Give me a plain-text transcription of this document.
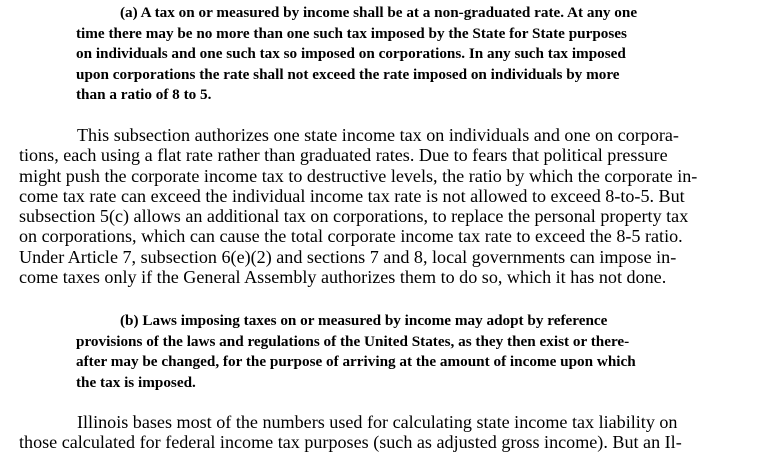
(a) A tax on or measured by income shall be at a non-graduated rate. At any one
time there may be no more than one such tax imposed by the State for State purposes
on individuals and one such tax so imposed on corporations. In any such tax imposed
upon corporations the rate shall not exceed the rate imposed on individuals by more
than a ratio of 8 to 5.
This subsection authorizes one state income tax on individuals and one on corpora-
tions, each using a flat rate rather than graduated rates. Due to fears that political pressure
might push the corporate income tax to destructive levels, the ratio by which the corporate in-
come tax rate can exceed the individual income tax rate is not allowed to exceed 8-to-5. But
subsection 5(c) allows an additional tax on corporations, to replace the personal property tax
on corporations, which can cause the total corporate income tax rate to exceed the 8-5 ratio.
Under Article 7, subsection 6(e)(2) and sections 7 and 8, local governments can impose in-
come taxes only if the General Assembly authorizes them to do so, which it has not done.
(b) Laws imposing taxes on or measured by income may adopt by reference
provisions of the laws and regulations of the United States, as they then exist or there-
after may be changed, for the purpose of arriving at the amount of income upon which
the tax is imposed.
Illinois bases most of the numbers used for calculating state income tax liability on
those calculated for federal income tax purposes (such as adjusted gross income). But an Il-
